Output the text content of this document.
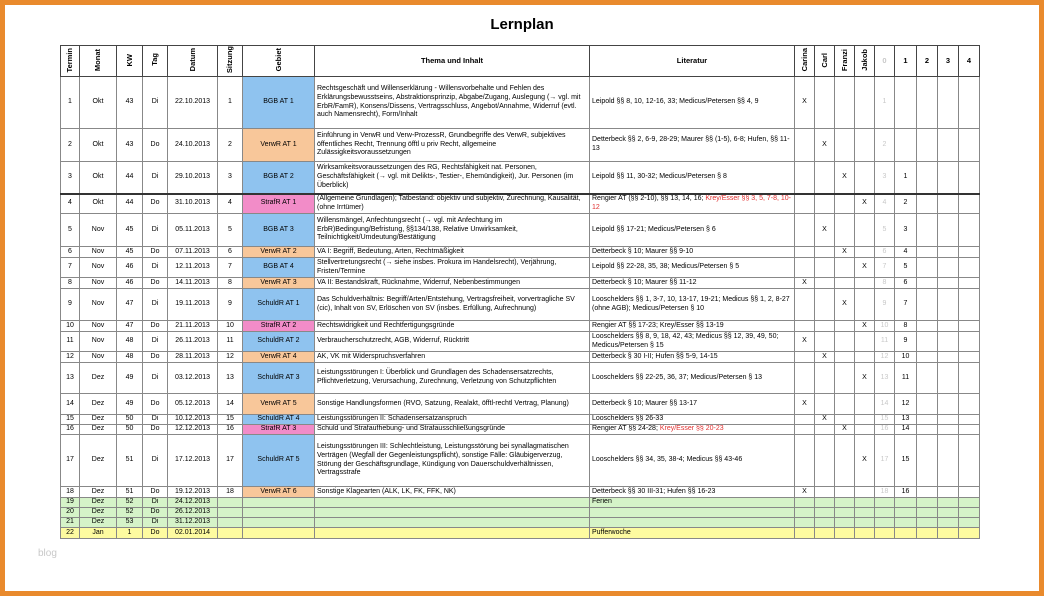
Lernplan
Termin	Monat	KW	Tag	Datum	Sitzung	Gebiet	Thema und Inhalt	Literatur	Carina	Carl	Franzi	Jakob	0	1	2	3	4
1	Okt	43	Di	22.10.2013	1	BGB AT 1	Rechtsgeschäft und Willenserklärung - Willensvorbehalte und Fehlen des Erklärungsbewusstseins, Abstraktionsprinzip, Abgabe/Zugang, Auslegung (→ vgl. mit ErbR/FamR), Konsens/Dissens, Vertragsschluss, Angebot/Annahme, Widerruf (evtl. auch Namensrecht), Form/Inhalt	Leipold §§ 8, 10, 12-16, 33; Medicus/Petersen §§ 4, 9	X				1				
2	Okt	43	Do	24.10.2013	2	VerwR AT 1	Einführung in VerwR und Verw-ProzessR, Grundbegriffe des VerwR, subjektives öffentliches Recht, Trennung öfftl u priv Recht, allgemeine Zulässigkeitsvoraussetzungen	Detterbeck §§ 2, 6-9, 28-29; Maurer §§ (1-5), 6-8; Hufen, §§ 11-13		X			2				
3	Okt	44	Di	29.10.2013	3	BGB AT 2	Wirksamkeitsvoraussetzungen des RG, Rechtsfähigkeit nat. Personen, Geschäftsfähigkeit (→ vgl. mit Delikts-, Testier-, Ehemündigkeit), Jur. Personen (im Überblick)	Leipold §§ 11, 30-32; Medicus/Petersen § 8			X		3	1			
4	Okt	44	Do	31.10.2013	4	StrafR AT 1	(Allgemeine Grundlagen); Tatbestand: objektiv und subjektiv, Zurechnung, Kausalität, (ohne Irrtümer)	Rengier AT (§§ 2-10), §§ 13, 14, 16; Krey/Esser §§ 3, 5, 7-8, 10-12				X	4	2			
5	Nov	45	Di	05.11.2013	5	BGB AT 3	Willensmängel, Anfechtungsrecht (→ vgl. mit Anfechtung im ErbR)Bedingung/Befristung, §§134/138, Relative Unwirksamkeit, Teilnichtigkeit/Umdeutung/Bestätigung	Leipold §§ 17-21; Medicus/Petersen § 6		X			5	3			
6	Nov	45	Do	07.11.2013	6	VerwR AT 2	VA I: Begriff, Bedeutung, Arten, Rechtmäßigkeit	Detterbeck § 10; Maurer §§ 9-10			X		6	4			
7	Nov	46	Di	12.11.2013	7	BGB AT 4	Stellvertretungsrecht (→ siehe insbes. Prokura im Handelsrecht), Verjährung, Fristen/Termine	Leipold §§ 22-28, 35, 38; Medicus/Petersen § 5				X	7	5			
8	Nov	46	Do	14.11.2013	8	VerwR AT 3	VA II: Bestandskraft, Rücknahme, Widerruf, Nebenbestimmungen	Detterbeck § 10; Maurer §§ 11-12	X				8	6			
9	Nov	47	Di	19.11.2013	9	SchuldR AT 1	Das Schuldverhältnis: Begriff/Arten/Entstehung, Vertragsfreiheit, vorvertragliche SV (cic), Inhalt von SV, Erlöschen von SV (insbes. Erfüllung, Aufrechnung)	Looschelders §§ 1, 3-7, 10, 13-17, 19-21; Medicus §§ 1, 2, 8-27 (ohne AGB); Medicus/Petersen § 10			X		9	7			
10	Nov	47	Do	21.11.2013	10	StrafR AT 2	Rechtswidrigkeit und Rechtfertigungsgründe	Rengier AT §§ 17-23; Krey/Esser §§ 13-19				X	10	8			
11	Nov	48	Di	26.11.2013	11	SchuldR AT 2	Verbraucherschutzrecht, AGB, Widerruf, Rücktritt	Looschelders §§ 8, 9, 18, 42, 43; Medicus §§ 12, 39, 49, 50; Medicus/Petersen § 15	X				11	9			
12	Nov	48	Do	28.11.2013	12	VerwR AT 4	AK, VK mit Widerspruchsverfahren	Detterbeck § 30 I-II; Hufen §§ 5-9, 14-15		X			12	10			
13	Dez	49	Di	03.12.2013	13	SchuldR AT 3	Leistungsstörungen I: Überblick und Grundlagen des Schadensersatzrechts, Pflichtverletzung, Verursachung, Zurechnung, Verletzung von Schutzpflichten	Looschelders §§ 22-25, 36, 37; Medicus/Petersen § 13				X	13	11			
14	Dez	49	Do	05.12.2013	14	VerwR AT 5	Sonstige Handlungsformen (RVO, Satzung, Realakt, öfftl-rechtl Vertrag, Planung)	Detterbeck § 10; Maurer §§ 13-17	X				14	12			
15	Dez	50	Di	10.12.2013	15	SchuldR AT 4	Leistungsstörungen II: Schadensersatzanspruch	Looschelders §§ 26-33		X			15	13			
16	Dez	50	Do	12.12.2013	16	StrafR AT 3	Schuld und Strafaufhebung- und Strafausschließungsgründe	Rengier AT §§ 24-28; Krey/Esser §§ 20-23			X		16	14			
17	Dez	51	Di	17.12.2013	17	SchuldR AT 5	Leistungsstörungen III: Schlechtleistung, Leistungsstörung bei synallagmatischen Verträgen (Wegfall der Gegenleistungspflicht), sonstige Fälle: Gläubigerverzug, Störung der Geschäftsgrundlage, Kündigung von Dauerschuldverhältnissen, Vertragsstrafe	Looschelders §§ 34, 35, 38-4; Medicus §§ 43-46				X	17	15			
18	Dez	51	Do	19.12.2013	18	VerwR AT 6	Sonstige Klagearten (ALK, LK, FK, FFK, NK)	Detterbeck §§ 30 III-31; Hufen §§ 16-23	X				18	16			
19	Dez	52	Di	24.12.2013				Ferien									
20	Dez	52	Do	26.12.2013													
21	Dez	53	Di	31.12.2013													
22	Jan	1	Do	02.01.2014				Pufferwoche									
blog
